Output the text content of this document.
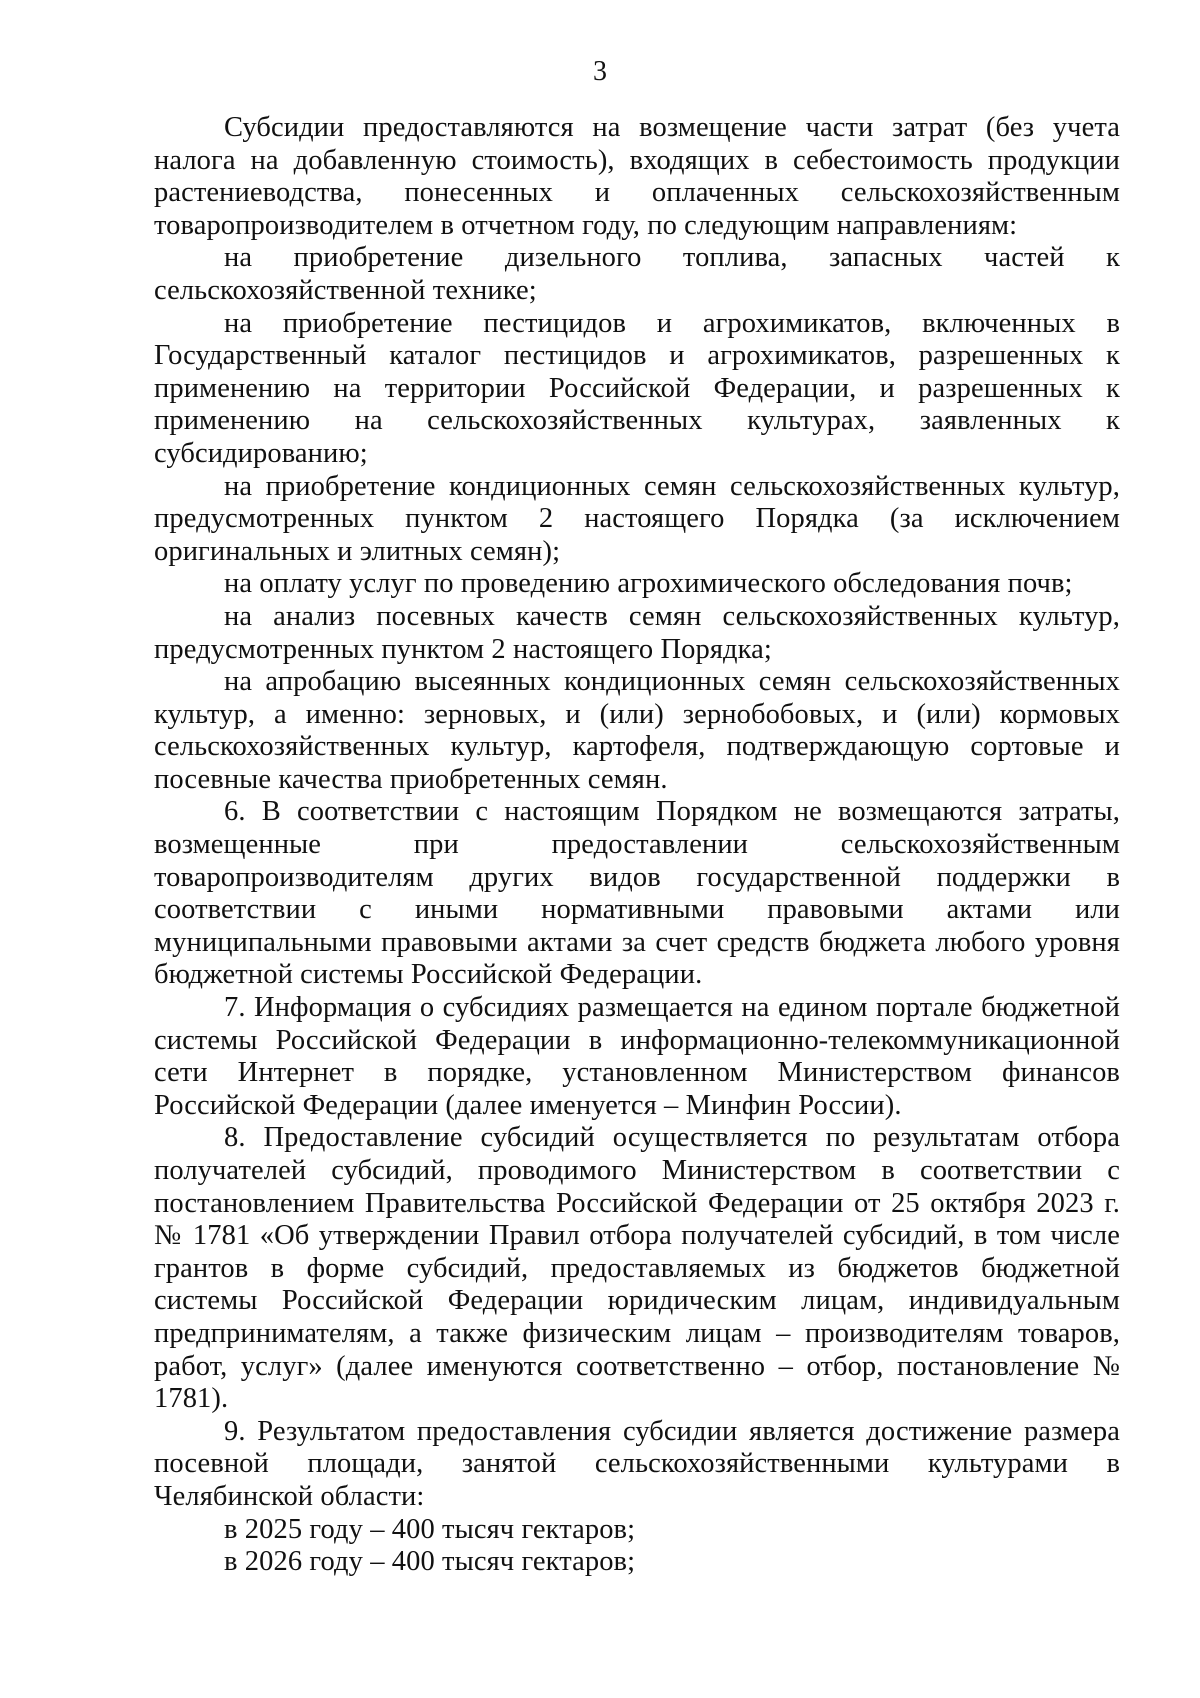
3

Субсидии предоставляются на возмещение части затрат (без учета налога на добавленную стоимость), входящих в себестоимость продукции растениеводства, понесенных и оплаченных сельскохозяйственным товаропроизводителем в отчетном году, по следующим направлениям:

на приобретение дизельного топлива, запасных частей к сельскохозяйственной технике;

на приобретение пестицидов и агрохимикатов, включенных в Государственный каталог пестицидов и агрохимикатов, разрешенных к применению на территории Российской Федерации, и разрешенных к применению на сельскохозяйственных культурах, заявленных к субсидированию;

на приобретение кондиционных семян сельскохозяйственных культур, предусмотренных пунктом 2 настоящего Порядка (за исключением оригинальных и элитных семян);

на оплату услуг по проведению агрохимического обследования почв;

на анализ посевных качеств семян сельскохозяйственных культур, предусмотренных пунктом 2 настоящего Порядка;

на апробацию высеянных кондиционных семян сельскохозяйственных культур, а именно: зерновых, и (или) зернобобовых, и (или) кормовых сельскохозяйственных культур, картофеля, подтверждающую сортовые и посевные качества приобретенных семян.

6. В соответствии с настоящим Порядком не возмещаются затраты, возмещенные при предоставлении сельскохозяйственным товаропроизводителям других видов государственной поддержки в соответствии с иными нормативными правовыми актами или муниципальными правовыми актами за счет средств бюджета любого уровня бюджетной системы Российской Федерации.

7. Информация о субсидиях размещается на едином портале бюджетной системы Российской Федерации в информационно-телекоммуникационной сети Интернет в порядке, установленном Министерством финансов Российской Федерации (далее именуется – Минфин России).

8. Предоставление субсидий осуществляется по результатам отбора получателей субсидий, проводимого Министерством в соответствии с постановлением Правительства Российской Федерации от 25 октября 2023 г. № 1781 «Об утверждении Правил отбора получателей субсидий, в том числе грантов в форме субсидий, предоставляемых из бюджетов бюджетной системы Российской Федерации юридическим лицам, индивидуальным предпринимателям, а также физическим лицам – производителям товаров, работ, услуг» (далее именуются соответственно – отбор, постановление № 1781).

9. Результатом предоставления субсидии является достижение размера посевной площади, занятой сельскохозяйственными культурами в Челябинской области:

в 2025 году – 400 тысяч гектаров;

в 2026 году – 400 тысяч гектаров;
